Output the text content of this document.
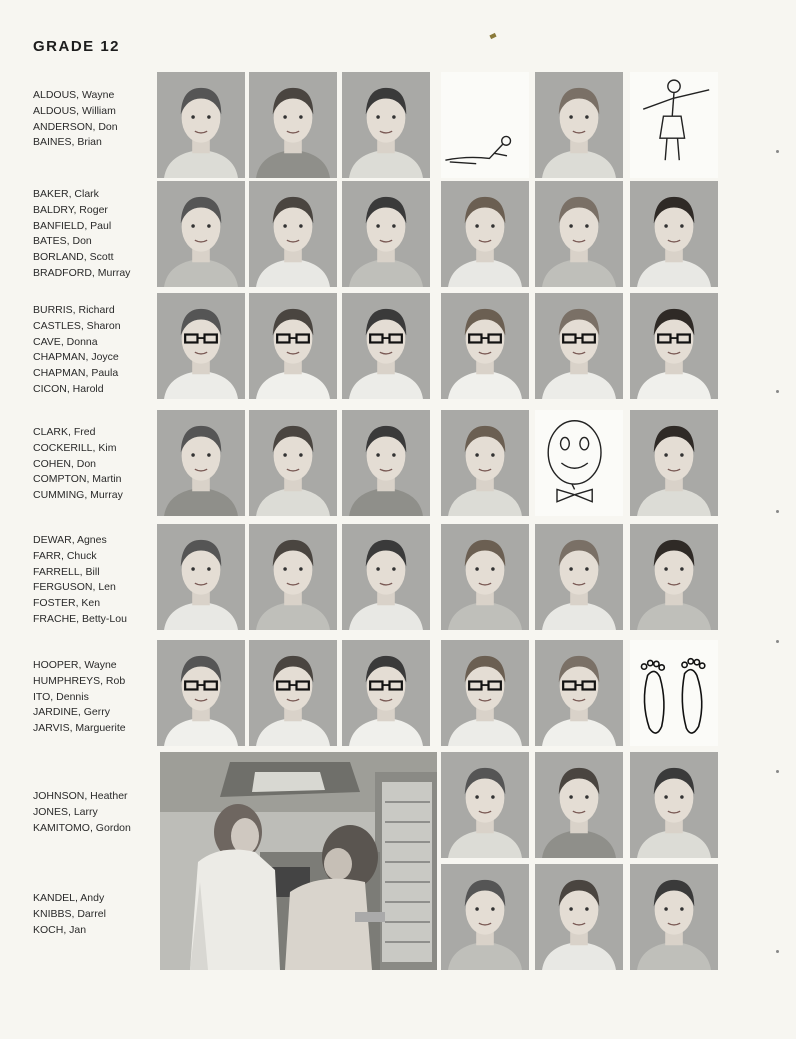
GRADE 12
ALDOUS, Wayne
ALDOUS, William
ANDERSON, Don
BAINES, Brian
BAKER, Clark
BALDRY, Roger
BANFIELD, Paul
BATES, Don
BORLAND, Scott
BRADFORD, Murray
BURRIS, Richard
CASTLES, Sharon
CAVE, Donna
CHAPMAN, Joyce
CHAPMAN, Paula
CICON, Harold
CLARK, Fred
COCKERILL, Kim
COHEN, Don
COMPTON, Martin
CUMMING, Murray
DEWAR, Agnes
FARR, Chuck
FARRELL, Bill
FERGUSON, Len
FOSTER, Ken
FRACHE, Betty-Lou
HOOPER, Wayne
HUMPHREYS, Rob
ITO, Dennis
JARDINE, Gerry
JARVIS, Marguerite
JOHNSON, Heather
JONES, Larry
KAMITOMO, Gordon
KANDEL, Andy
KNIBBS, Darrel
KOCH, Jan
